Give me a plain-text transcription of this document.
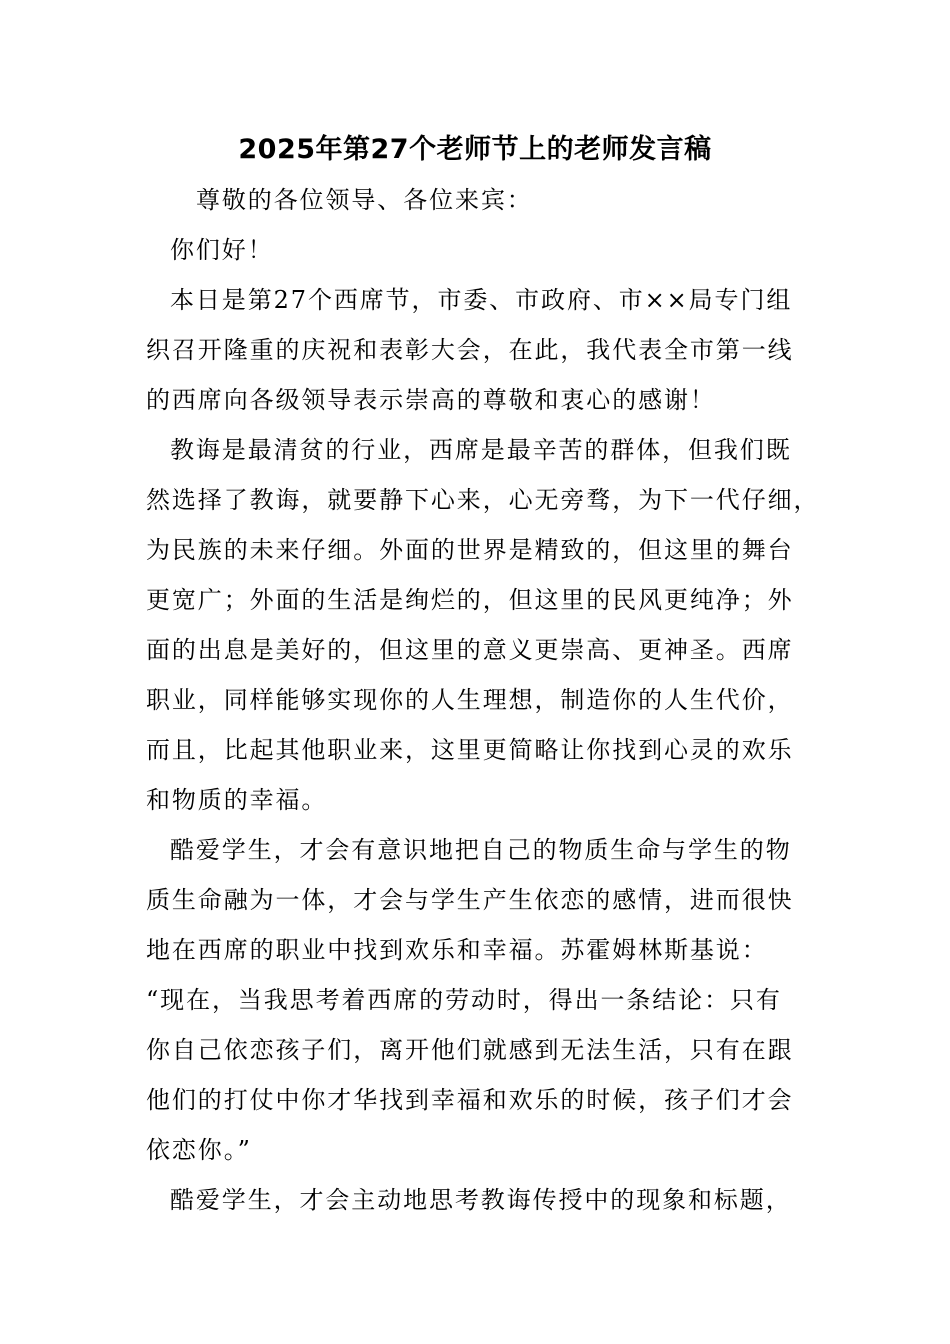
2025年第27个老师节上的老师发言稿
尊敬的各位领导、各位来宾：
你们好！
本日是第27个西席节，市委、市政府、市××局专门组
织召开隆重的庆祝和表彰大会，在此，我代表全市第一线
的西席向各级领导表示崇高的尊敬和衷心的感谢！
教诲是最清贫的行业，西席是最辛苦的群体，但我们既
然选择了教诲，就要静下心来，心无旁骛，为下一代仔细，
为民族的未来仔细。外面的世界是精致的，但这里的舞台
更宽广；外面的生活是绚烂的，但这里的民风更纯净；外
面的出息是美好的，但这里的意义更崇高、更神圣。西席
职业，同样能够实现你的人生理想，制造你的人生代价，
而且，比起其他职业来，这里更简略让你找到心灵的欢乐
和物质的幸福。
酷爱学生，才会有意识地把自己的物质生命与学生的物
质生命融为一体，才会与学生产生依恋的感情，进而很快
地在西席的职业中找到欢乐和幸福。苏霍姆林斯基说：
“现在，当我思考着西席的劳动时，得出一条结论：只有
你自己依恋孩子们，离开他们就感到无法生活，只有在跟
他们的打仗中你才华找到幸福和欢乐的时候，孩子们才会
依恋你。”
酷爱学生，才会主动地思考教诲传授中的现象和标题，
